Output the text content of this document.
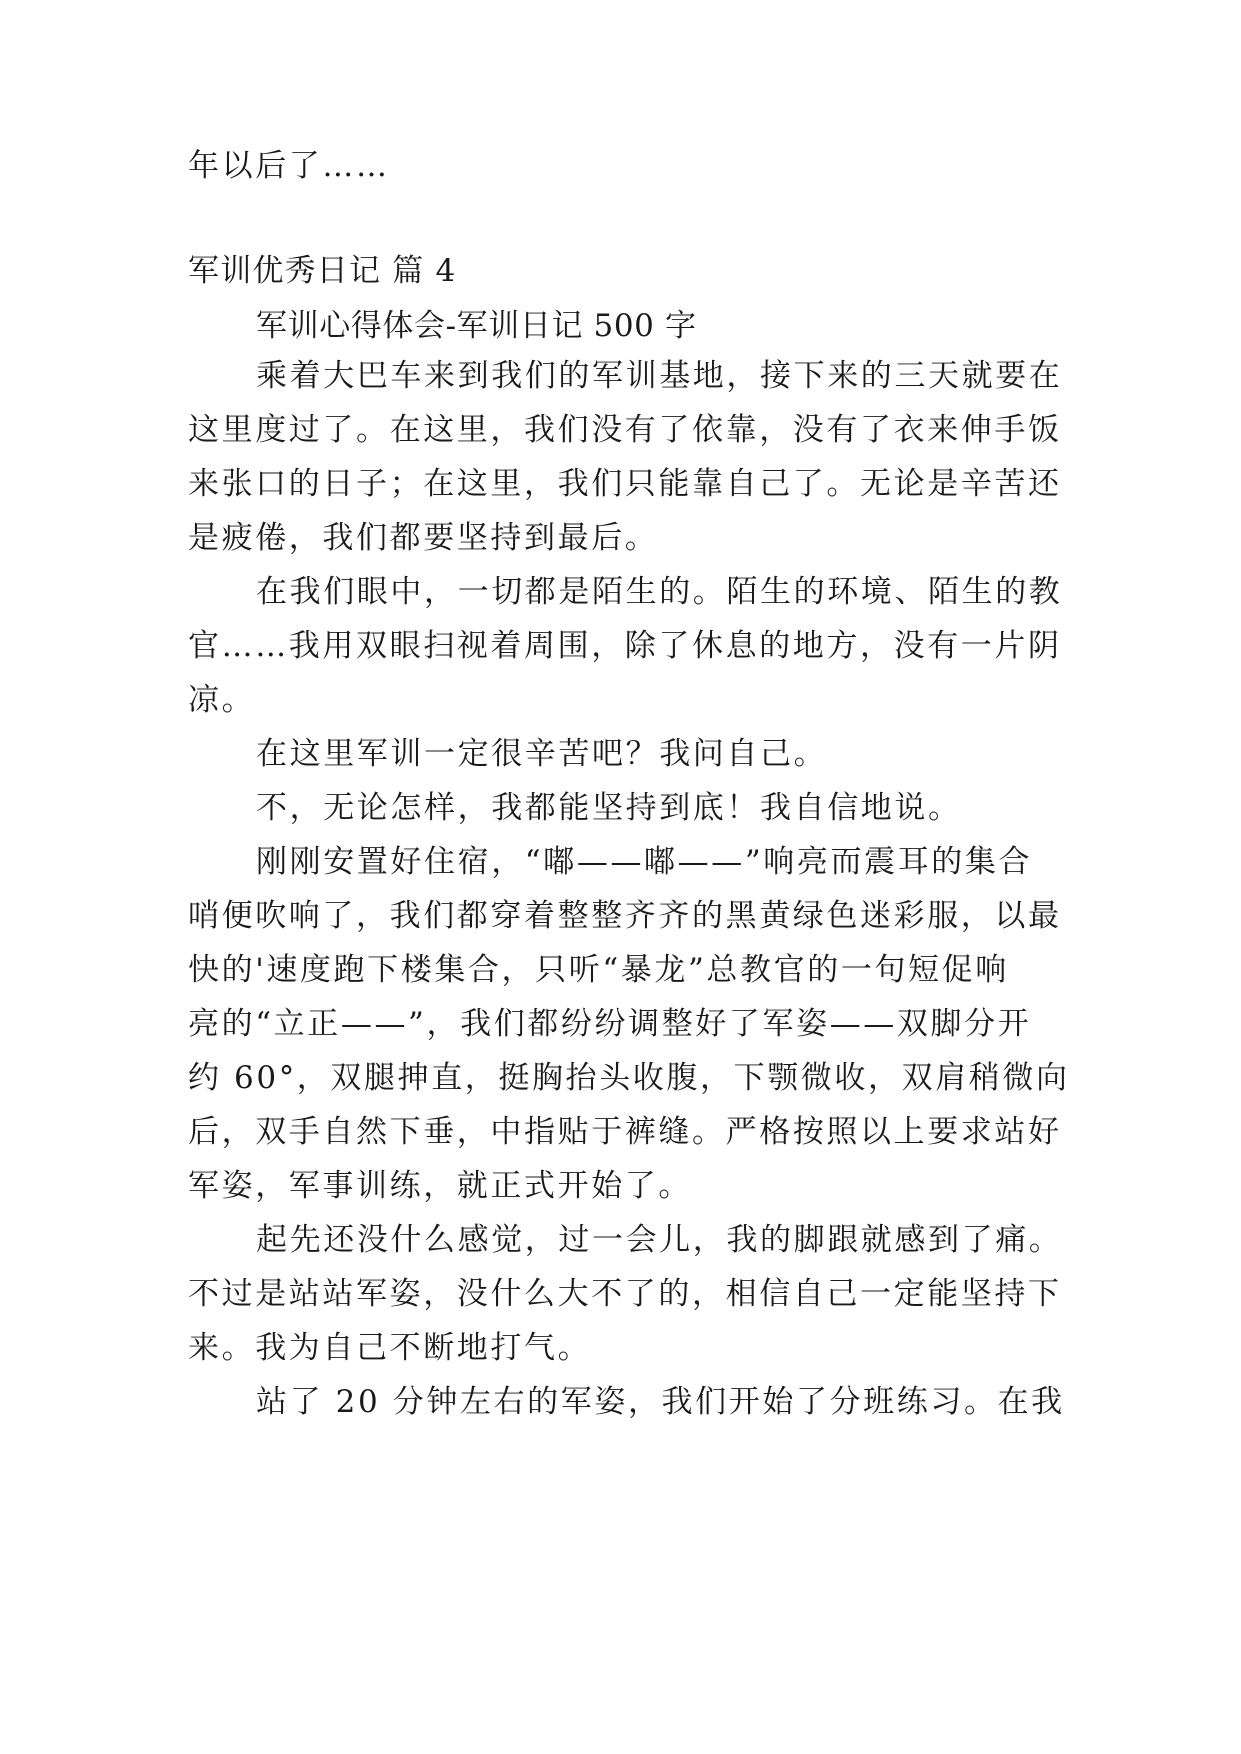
年以后了……
军训优秀日记 篇 4
军训心得体会-军训日记 500 字
乘着大巴车来到我们的军训基地，接下来的三天就要在
这里度过了。在这里，我们没有了依靠，没有了衣来伸手饭
来张口的日子；在这里，我们只能靠自己了。无论是辛苦还
是疲倦，我们都要坚持到最后。
在我们眼中，一切都是陌生的。陌生的环境、陌生的教
官……我用双眼扫视着周围，除了休息的地方，没有一片阴
凉。
在这里军训一定很辛苦吧？我问自己。
不，无论怎样，我都能坚持到底！我自信地说。
刚刚安置好住宿，“嘟——嘟——”响亮而震耳的集合
哨便吹响了，我们都穿着整整齐齐的黑黄绿色迷彩服，以最
快的'速度跑下楼集合，只听“暴龙”总教官的一句短促响
亮的“立正——”，我们都纷纷调整好了军姿——双脚分开
约 60°，双腿抻直，挺胸抬头收腹，下颚微收，双肩稍微向
后，双手自然下垂，中指贴于裤缝。严格按照以上要求站好
军姿，军事训练，就正式开始了。
起先还没什么感觉，过一会儿，我的脚跟就感到了痛。
不过是站站军姿，没什么大不了的，相信自己一定能坚持下
来。我为自己不断地打气。
站了 20 分钟左右的军姿，我们开始了分班练习。在我
